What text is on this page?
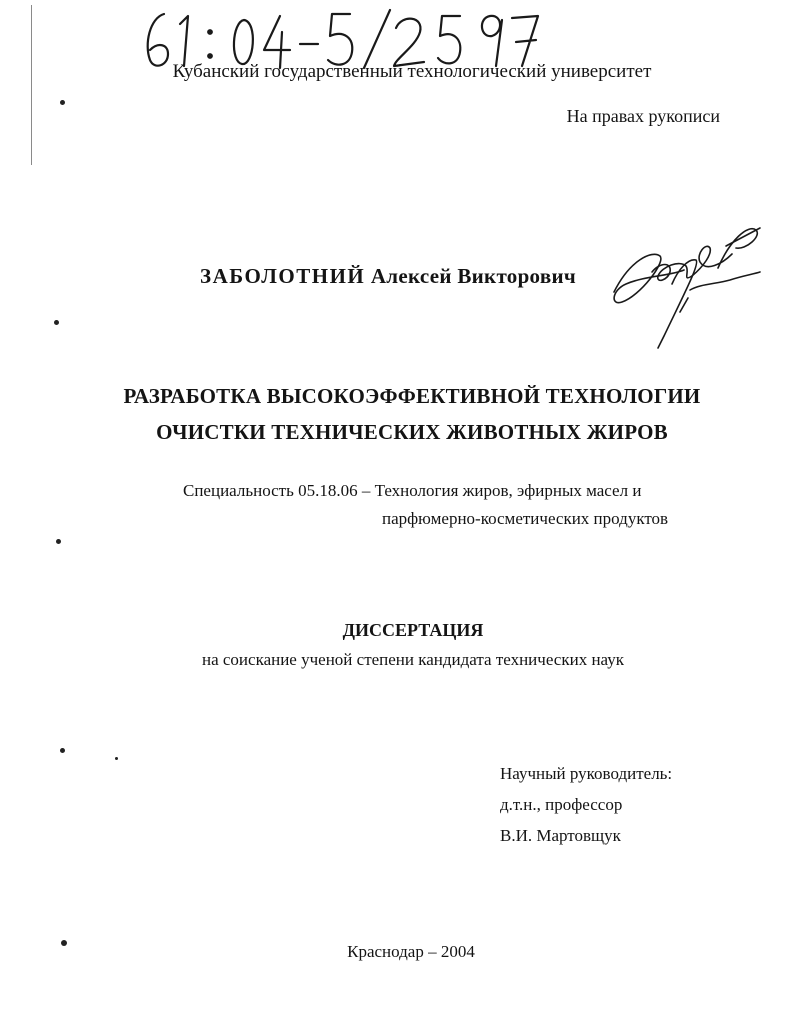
Кубанский государственный технологический университет
На правах рукописи
ЗАБОЛОТНИЙ Алексей Викторович
РАЗРАБОТКА ВЫСОКОЭФФЕКТИВНОЙ ТЕХНОЛОГИИ
ОЧИСТКИ ТЕХНИЧЕСКИХ ЖИВОТНЫХ ЖИРОВ
Специальность 05.18.06 – Технология жиров, эфирных масел и
парфюмерно-косметических продуктов
ДИССЕРТАЦИЯ
на соискание ученой степени кандидата технических наук
Научный руководитель:
д.т.н., профессор
В.И. Мартовщук
Краснодар – 2004
